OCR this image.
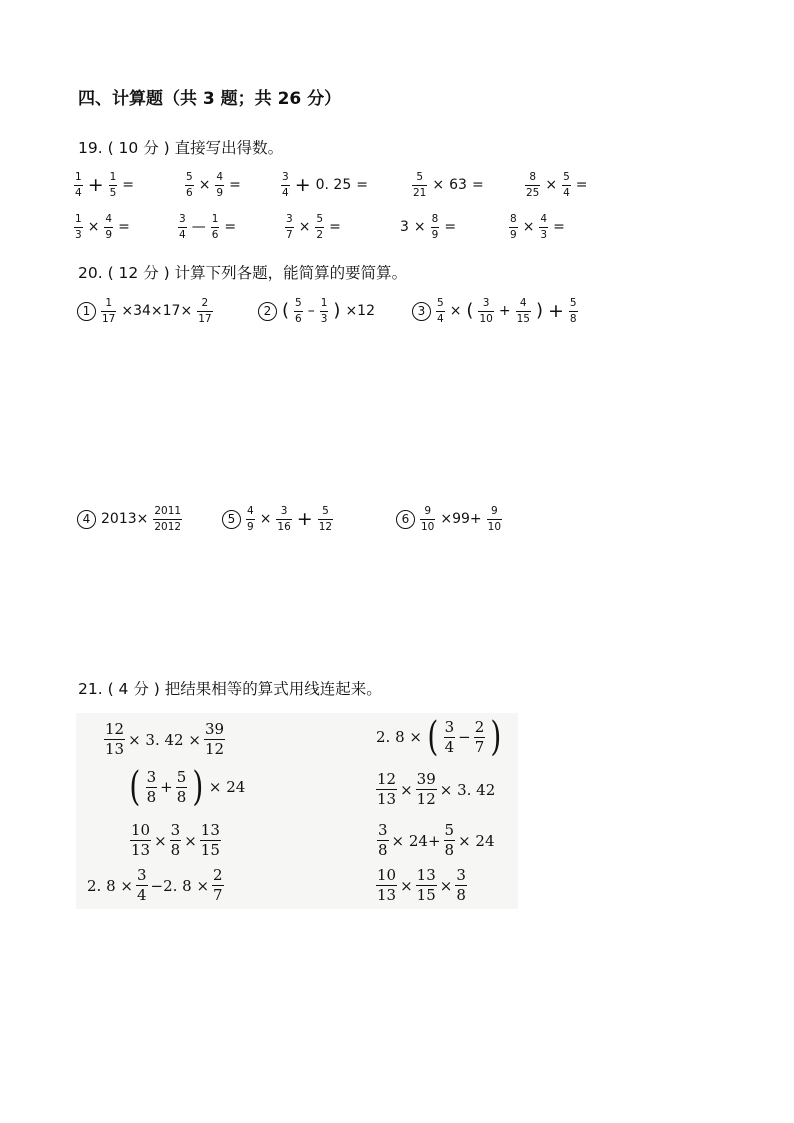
四、计算题（共 3 题；共 26 分）
19. ( 10 分 ) 直接写出得数。
1
4 + 1
5 =	5
6 × 4
9 =	3
4 + 0. 25 =	5
21 × 63 =	8
25 × 5
4 =
1
3 × 4
9 =	3
4 — 1
6 =	3
7 × 5
2 =	3 × 8
9 =	8
9 × 4
3 =
20. ( 12 分 ) 计算下列各题，能简算的要简算。
1
1
17 ×34×17× 2
17
2 ( 5
6 – 1
3 ) ×12	3
5
4 × ( 3
10 + 4
15 ) + 5
8
4 2013× 2011
2012
5
4
9 × 3
16 + 5
12
6
9
10 ×99+ 9
10
21. ( 4 分 ) 把结果相等的算式用线连起来。
12
13
× 3. 42 ×
39
12
( 3
8
+
5
8 ) × 24
10
13
×
3
8
×
13
15
2. 8 ×
3
4
−2. 8 ×
2
7
2. 8 × ( 3
4
−
2
7 )
12
13
×
39
12
× 3. 42
3
8
× 24+
5
8
× 24
10
13
×
13
15
×
3
8
